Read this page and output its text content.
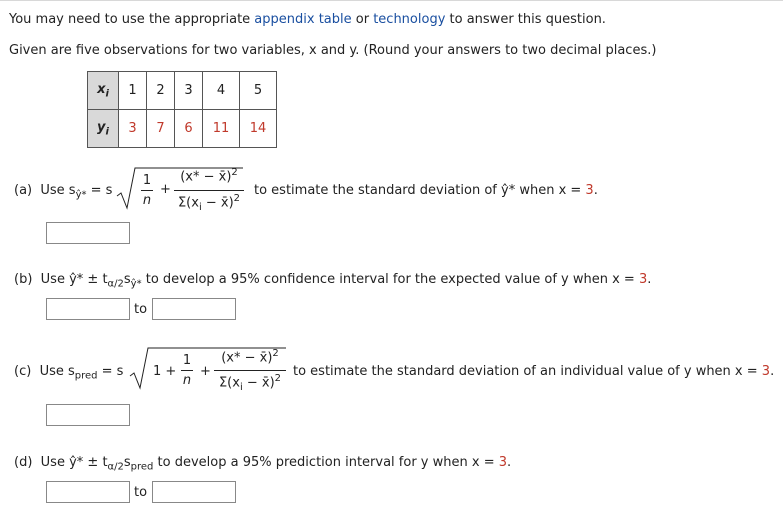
You may need to use the appropriate appendix table or technology to answer this question.
Given are five observations for two variables, x and y. (Round your answers to two decimal places.)
$x_i$	1	2	3	4	5
$y_i$	3	7	6	11	14
(a) Use $s_{ŷ*} = s$
1
n
+
(x* − x̄)$^2$
$\Sigma(x_i$ − x̄)$^2$
to estimate the standard deviation of ŷ* when x = 3.
(b) Use ŷ* ± $t_{\alpha/2}s_{ŷ*}$ to develop a 95% confidence interval for the expected value of y when x = 3.
to
(c) Use $s_{pred} = s$ 1 +
1
n
+
(x* − x̄)$^2$
$\Sigma(x_i$ − x̄)$^2$ to estimate the standard deviation of an individual value of y when x = 3.
(d) Use ŷ* ± $t_{\alpha/2}s_{pred}$ to develop a 95% prediction interval for y when x = 3.
to
